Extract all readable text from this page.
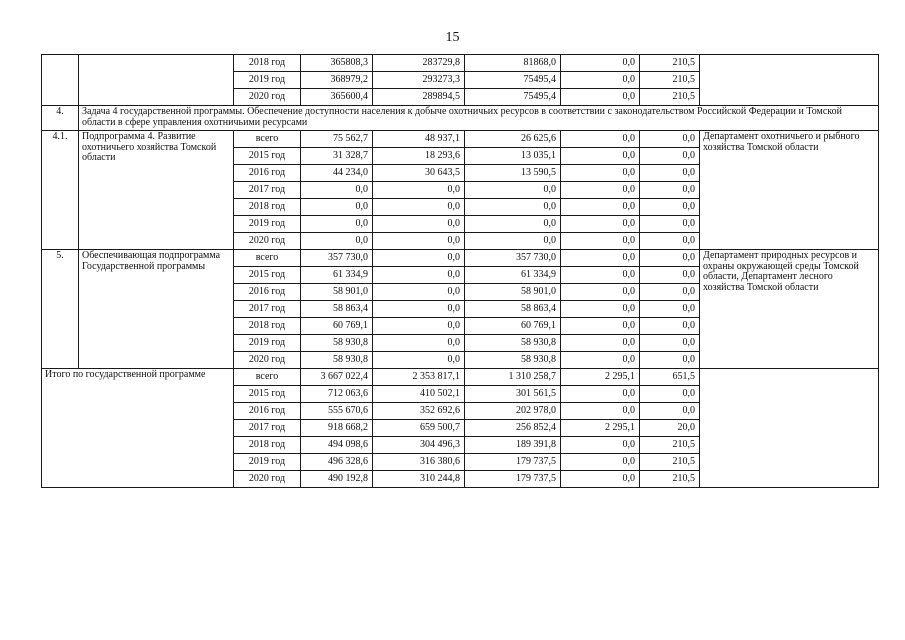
15
		2018 год	365808,3	283729,8	81868,0	0,0	210,5	
		2019 год	368979,2	293273,3	75495,4	0,0	210,5	
		2020 год	365600,4	289894,5	75495,4	0,0	210,5	
4.	Задача 4 государственной программы. Обеспечение доступности населения к добыче охотничьих ресурсов в соответствии с законодательством Российской Федерации и Томской области в сфере управления охотничьими ресурсами							
4.1.	Подпрограмма 4. Развитие охотничьего хозяйства Томской области	всего	75 562,7	48 937,1	26 625,6	0,0	0,0	Департамент охотничьего и рыбного хозяйства Томской области
		2015 год	31 328,7	18 293,6	13 035,1	0,0	0,0	
		2016 год	44 234,0	30 643,5	13 590,5	0,0	0,0	
		2017 год	0,0	0,0	0,0	0,0	0,0	
		2018 год	0,0	0,0	0,0	0,0	0,0	
		2019 год	0,0	0,0	0,0	0,0	0,0	
		2020 год	0,0	0,0	0,0	0,0	0,0	
5.	Обеспечивающая подпрограмма Государственной программы	всего	357 730,0	0,0	357 730,0	0,0	0,0	Департамент природных ресурсов и охраны окружающей среды Томской области, Департамент лесного хозяйства Томской области
		2015 год	61 334,9	0,0	61 334,9	0,0	0,0	
		2016 год	58 901,0	0,0	58 901,0	0,0	0,0	
		2017 год	58 863,4	0,0	58 863,4	0,0	0,0	
		2018 год	60 769,1	0,0	60 769,1	0,0	0,0	
		2019 год	58 930,8	0,0	58 930,8	0,0	0,0	
		2020 год	58 930,8	0,0	58 930,8	0,0	0,0	
Итого по государственной программе		всего	3 667 022,4	2 353 817,1	1 310 258,7	2 295,1	651,5	
		2015 год	712 063,6	410 502,1	301 561,5	0,0	0,0	
		2016 год	555 670,6	352 692,6	202 978,0	0,0	0,0	
		2017 год	918 668,2	659 500,7	256 852,4	2 295,1	20,0	
		2018 год	494 098,6	304 496,3	189 391,8	0,0	210,5	
		2019 год	496 328,6	316 380,6	179 737,5	0,0	210,5	
		2020 год	490 192,8	310 244,8	179 737,5	0,0	210,5	
